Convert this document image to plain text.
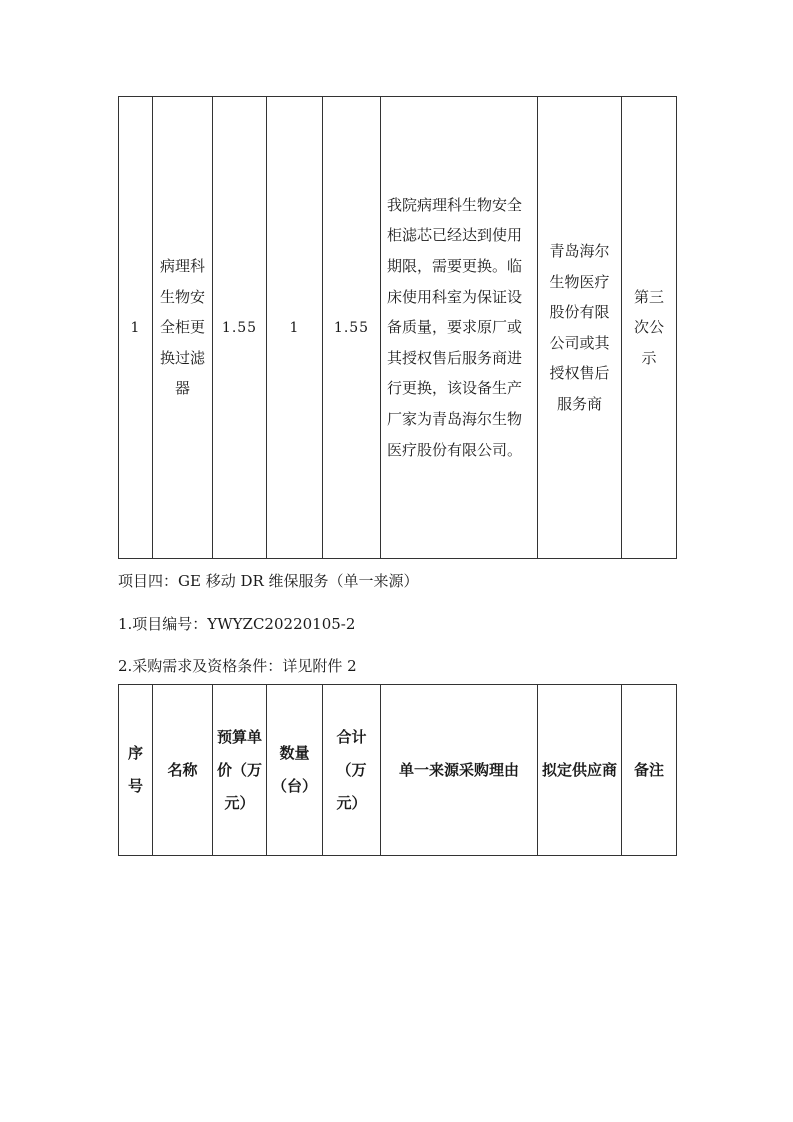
1	病理科生物安全柜更换过滤器	1.55	1	1.55	我院病理科生物安全柜滤芯已经达到使用期限，需要更换。临床使用科室为保证设备质量，要求原厂或其授权售后服务商进行更换，该设备生产厂家为青岛海尔生物医疗股份有限公司。	青岛海尔生物医疗股份有限公司或其授权售后服务商	第三次公示
项目四：GE 移动 DR 维保服务（单一来源）
1.项目编号：YWYZC20220105-2
2.采购需求及资格条件：详见附件 2
序号	名称	预算单价（万元）	数量（台）	合计（万元）	单一来源采购理由	拟定供应商	备注
